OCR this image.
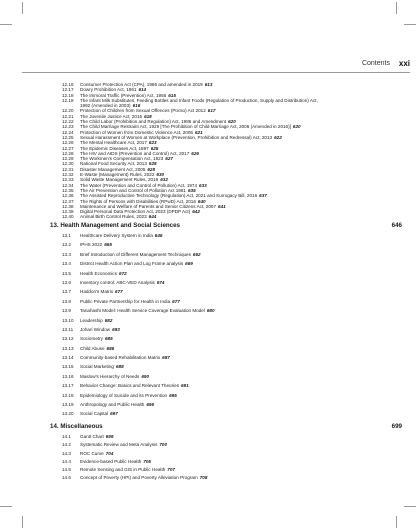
Contents xxi
12.16	Consumer Protection Act (CPA), 1986 and amended in 2019 613
12.17	Dowry Prohibition Act, 1961 614
12.18	The Immoral Traffic (Prevention) Act, 1956 615
12.19	The Infant Milk Substitutes, Feeding Bottles and Infant Foods (Regulation of Production, Supply and Distribution) Act,
1992 (Amended in 2003) 616
12.20	Protection of Children from Sexual Offences (Pocso) Act 2012 617
12.21	The Juvenile Justice Act, 2015 618
12.22	The Child Labor (Prohibition and Regulation) Act, 1986 and Amendment 620
12.23	The Child Marriage Restraint Act, 1929 [The Prohibition of Child Marriage Act, 2006 (Amended in 2016)] 620
12.24	Protection of Women from Domestic Violence Act, 2005 621
12.25	Sexual Harassment of Women at Workplace (Prevention, Prohibition and Redressal) Act, 2013 622
12.26	The Mental Healthcare Act, 2017 623
12.27	The Epidemic Diseases Act, 1897 625
12.28	The HIV and AIDS (Prevention and Control) Act, 2017 626
12.29	The Workmen's Compensation Act, 1923 627
12.30	National Food Security Act, 2013 628
12.31	Disaster Management Act, 2005 628
12.32	E-Waste (Management) Rules, 2022 630
12.33	Solid Waste Management Rules, 2016 632
12.34	The Water (Prevention and Control of Pollution) Act, 1974 633
12.35	The Air Prevention and Control of Pollution Act 1981 635
12.36	The Assisted Reproductive Technology (Regulation) Act, 2021 and Surrogacy Bill, 2016 637
12.37	The Rights of Persons with Disabilities (RPwD) Act, 2016 640
12.38	Maintenance and Welfare of Parents and Senior Citizens Act, 2007 641
12.39	Digital Personal Data Protection Act, 2023 (DPDP Act) 642
12.40	Animal Birth Control Rules, 2023 644
13. Health Management and Social Sciences	646
13.1	Healthcare Delivery System in India 646
13.2	IPHS 2022 655
13.3	Brief Introduction of Different Management Techniques 662
13.4	District Health Action Plan and Log Frame analysis 669
13.5	Health Economics 672
13.6	Inventory control: ABC-VED Analysis 674
13.7	Haddon's Matrix 677
13.8	Public Private Partnership for Health in India 677
13.9	Tanahashi Model: Health Service Coverage Evaluation Model 680
13.10	Leadership 682
13.11	Johari Window 683
13.12	Sociometry 685
13.13	Child Abuse 686
13.14	Community-based Rehabilitation Matrix 687
13.15	Social Marketing 688
13.16	Maslow's Hierarchy of Needs 690
13.17	Behavior Change: Basics and Relevant Theories 691
13.18	Epidemiology of Suicide and its Prevention 695
13.19	Anthropology and Public Health 696
13.20	Social Capital 697
14. Miscellaneous	699
14.1	Gantt Chart 699
14.2	Systematic Review and Meta Analysis 700
14.3	ROC Curve 704
14.4	Evidence-based Public Health 705
14.5	Remote Sensing and GIS in Public Health 707
14.6	Concept of Poverty (HPI) and Poverty Alleviation Program 708
